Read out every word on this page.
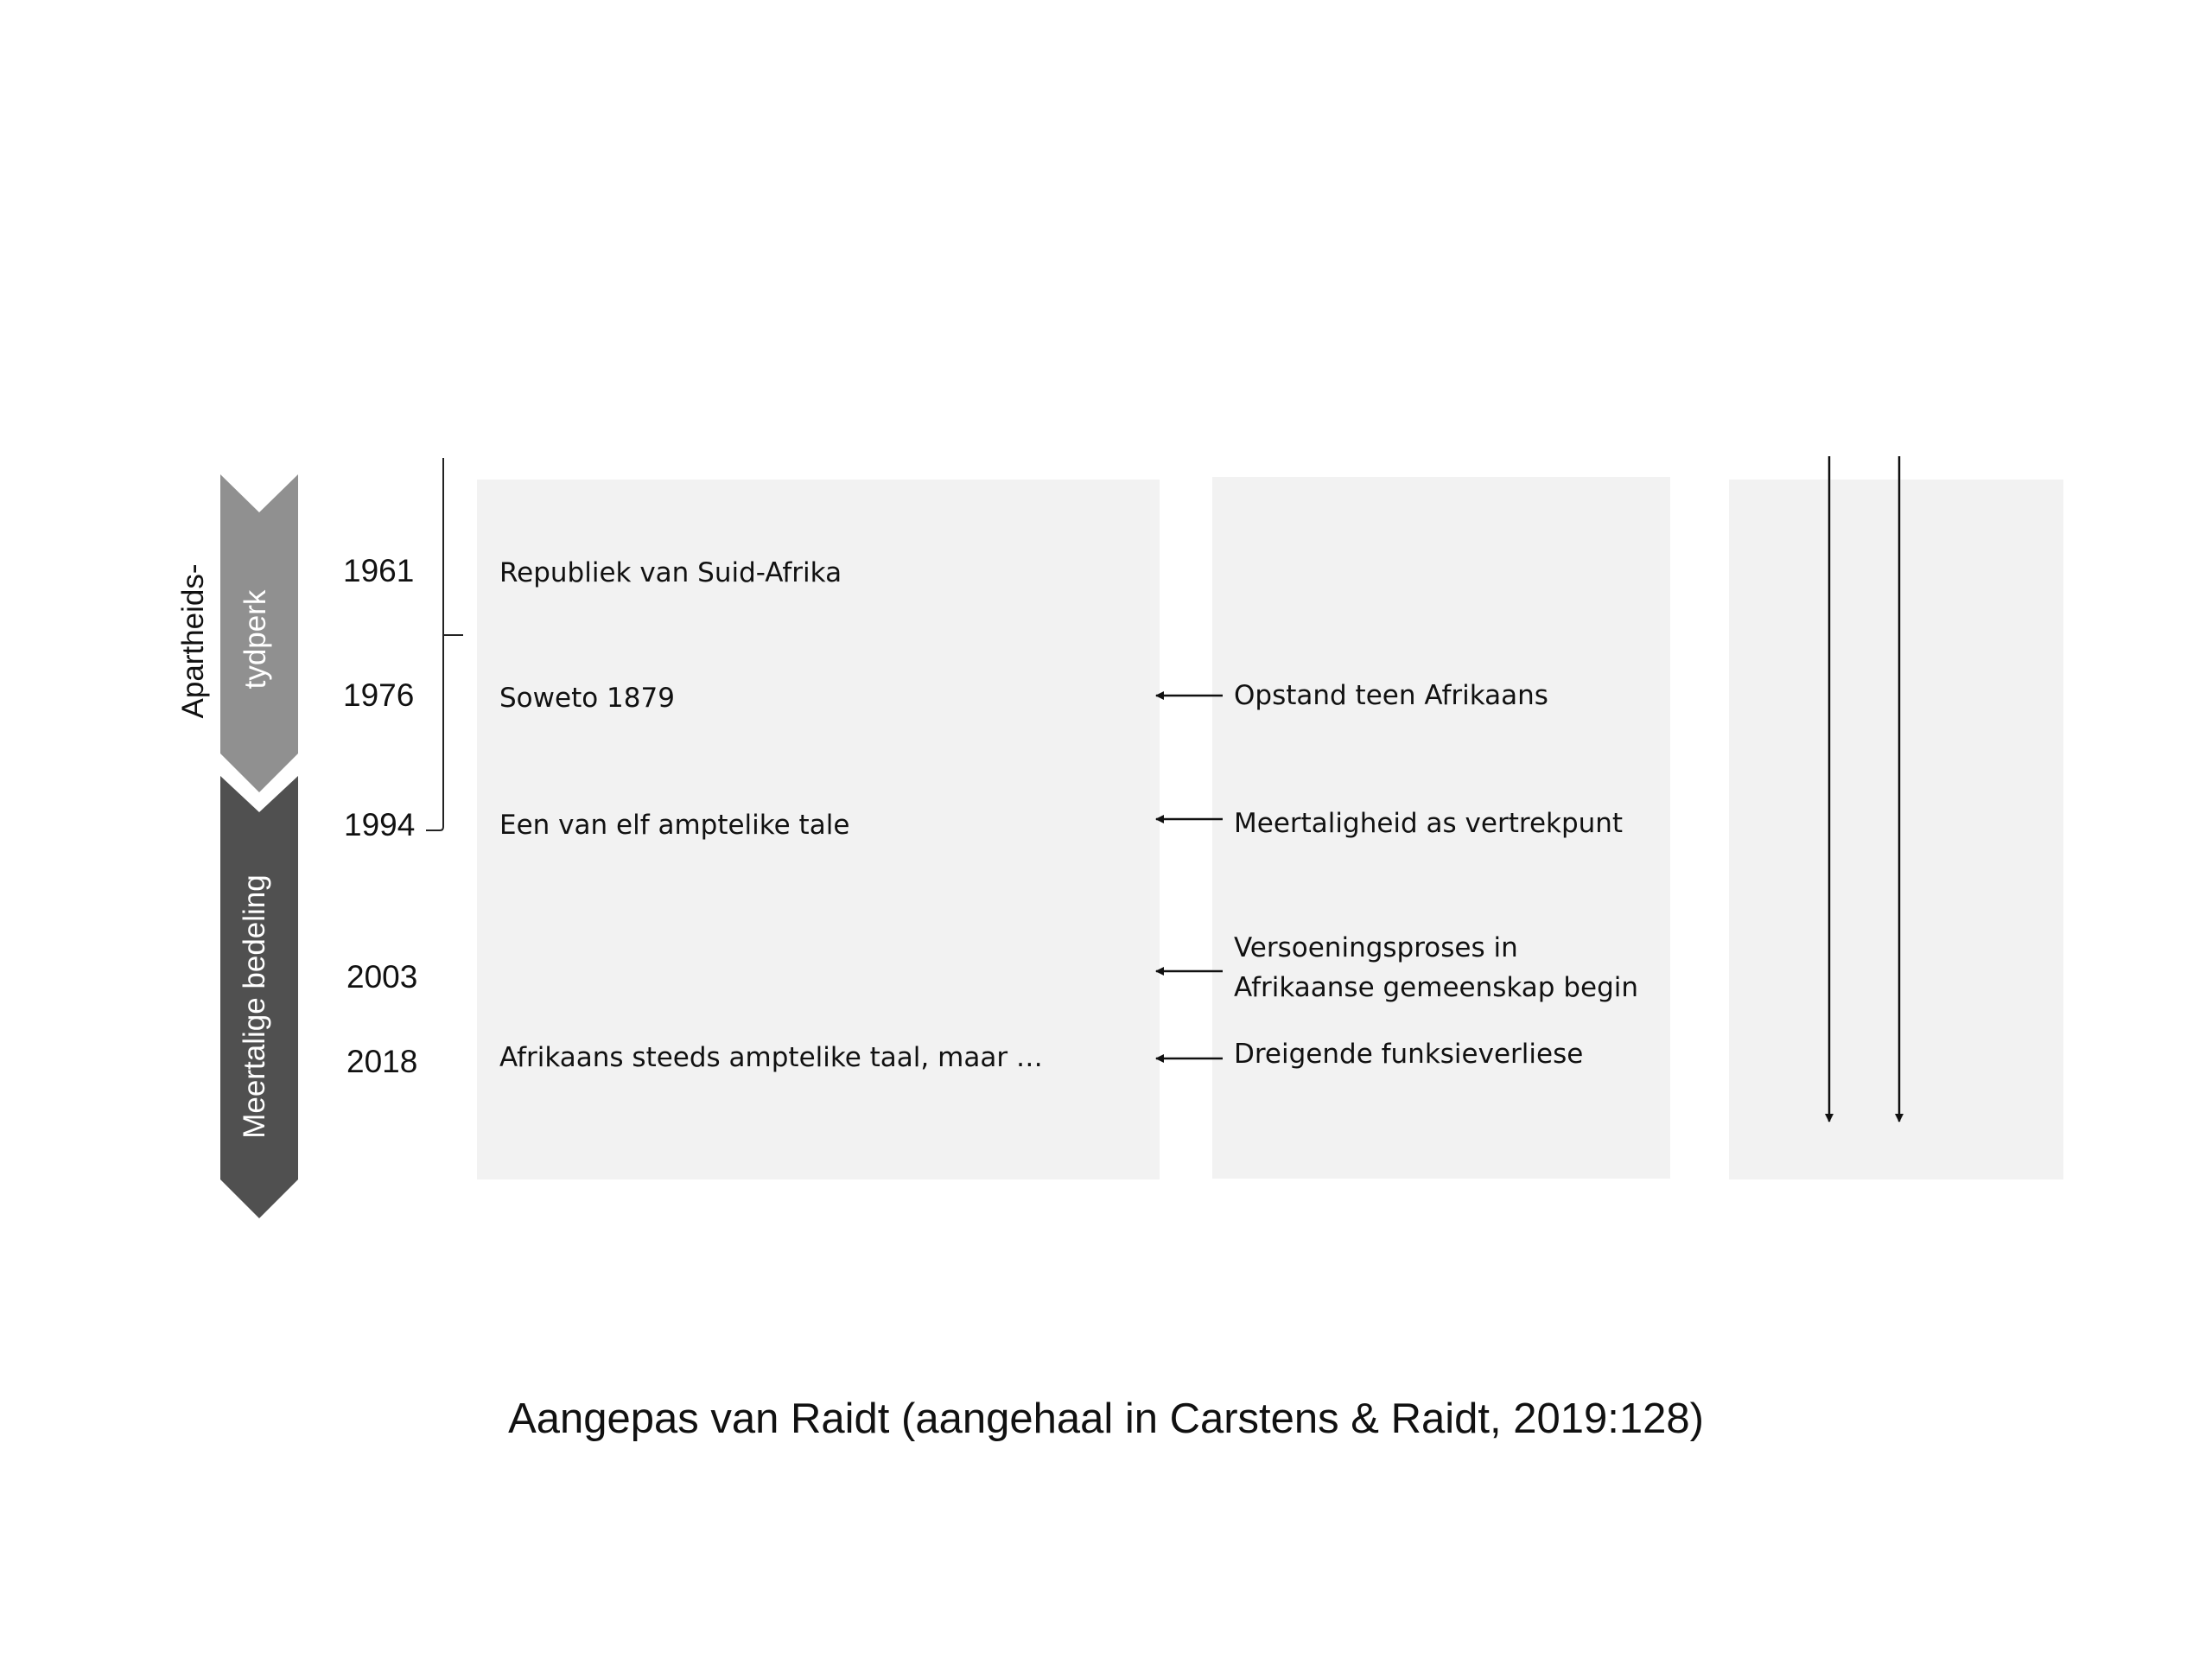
Apartheids- tydperk
Meertalige bedeling
1961
1976
1994
2003
2018
Republiek van Suid-Afrika
Soweto 1879
Een van elf amptelike tale
Afrikaans steeds amptelike taal, maar …
Opstand teen Afrikaans
Meertaligheid as vertrekpunt
Versoeningsproses in
Afrikaanse gemeenskap begin
Dreigende funksieverliese
Aangepas van Raidt (aangehaal in Carstens & Raidt, 2019:128)
